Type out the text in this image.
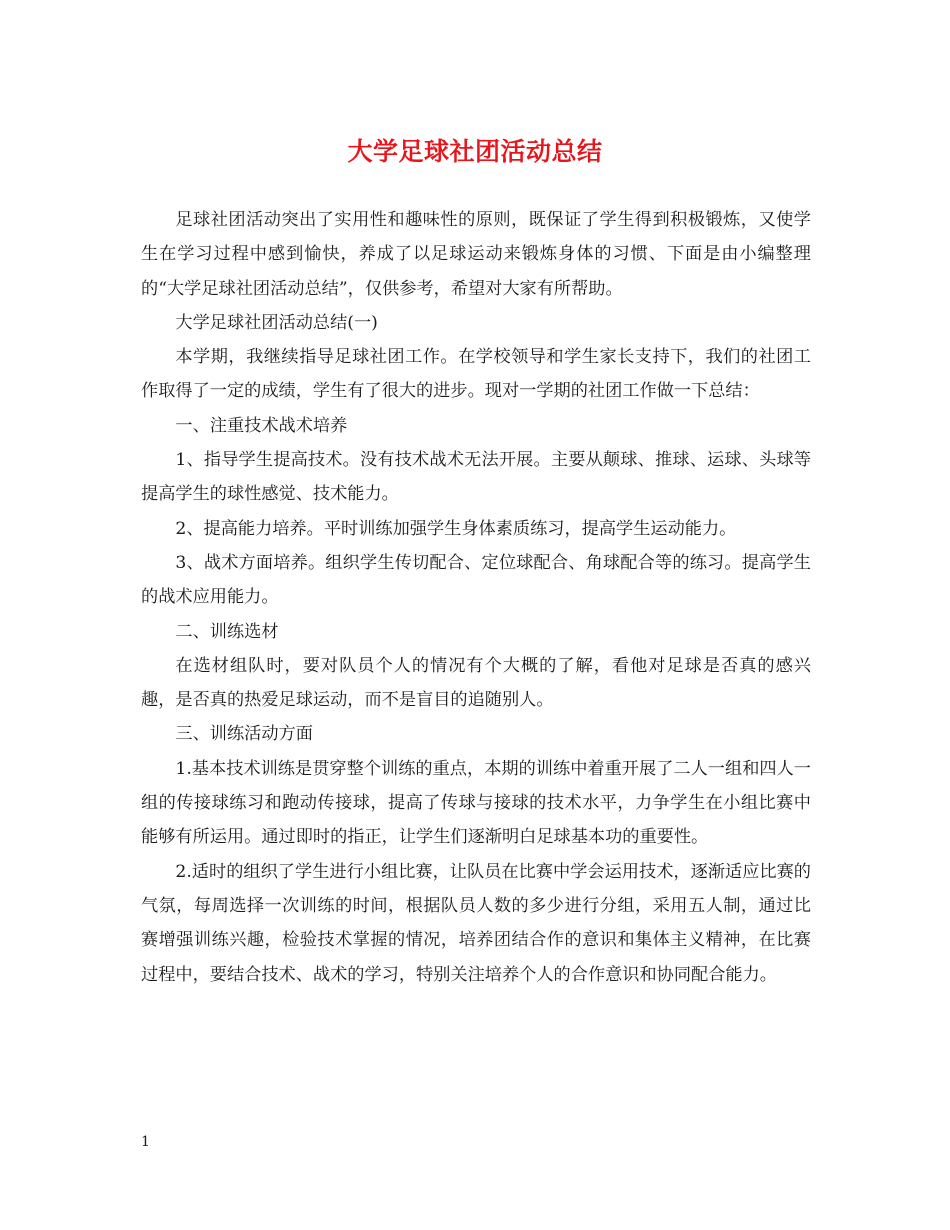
大学足球社团活动总结

足球社团活动突出了实用性和趣味性的原则，既保证了学生得到积极锻炼，又使学生在学习过程中感到愉快，养成了以足球运动来锻炼身体的习惯、下面是由小编整理的“大学足球社团活动总结”，仅供参考，希望对大家有所帮助。

大学足球社团活动总结(一)

本学期，我继续指导足球社团工作。在学校领导和学生家长支持下，我们的社团工作取得了一定的成绩，学生有了很大的进步。现对一学期的社团工作做一下总结：

一、注重技术战术培养

1、指导学生提高技术。没有技术战术无法开展。主要从颠球、推球、运球、头球等提高学生的球性感觉、技术能力。

2、提高能力培养。平时训练加强学生身体素质练习，提高学生运动能力。

3、战术方面培养。组织学生传切配合、定位球配合、角球配合等的练习。提高学生的战术应用能力。

二、训练选材

在选材组队时，要对队员个人的情况有个大概的了解，看他对足球是否真的感兴趣，是否真的热爱足球运动，而不是盲目的追随别人。

三、训练活动方面

1.基本技术训练是贯穿整个训练的重点，本期的训练中着重开展了二人一组和四人一组的传接球练习和跑动传接球，提高了传球与接球的技术水平，力争学生在小组比赛中能够有所运用。通过即时的指正，让学生们逐渐明白足球基本功的重要性。

2.适时的组织了学生进行小组比赛，让队员在比赛中学会运用技术，逐渐适应比赛的气氛，每周选择一次训练的时间，根据队员人数的多少进行分组，采用五人制，通过比赛增强训练兴趣，检验技术掌握的情况，培养团结合作的意识和集体主义精神，在比赛过程中，要结合技术、战术的学习，特别关注培养个人的合作意识和协同配合能力。

1
